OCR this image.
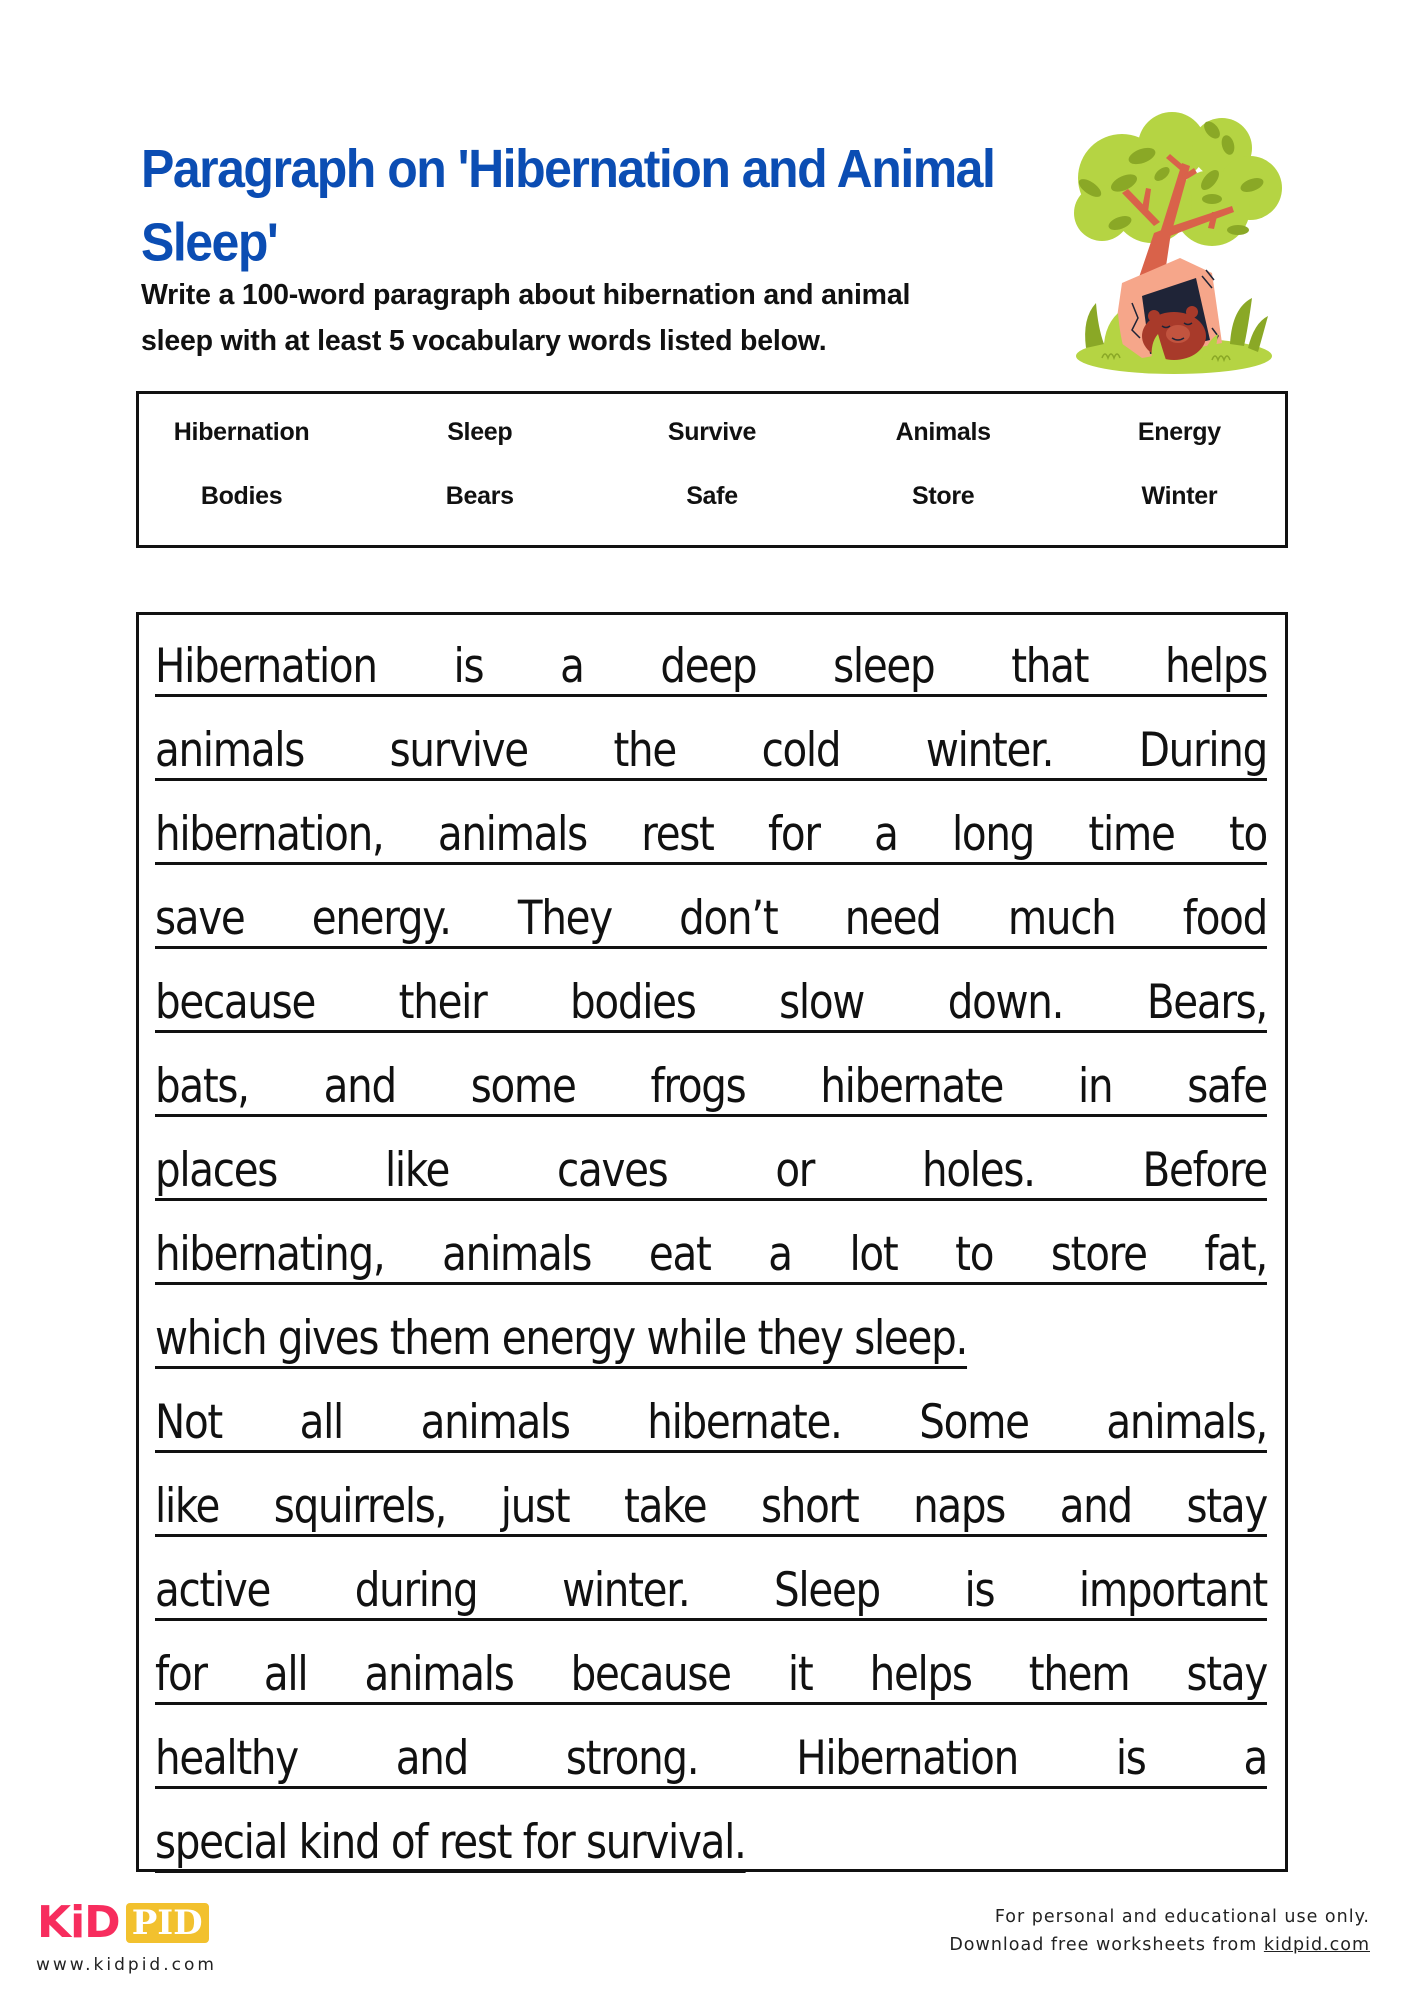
Paragraph on 'Hibernation and Animal
Sleep'

Write a 100-word paragraph about hibernation and animal
sleep with at least 5 vocabulary words listed below.

Hibernation	Sleep	Survive	Animals	Energy
Bodies	Bears	Safe	Store	Winter
Hibernation is a deep sleep that helps
animals survive the cold winter. During
hibernation, animals rest for a long time to
save energy. They don’t need much food
because their bodies slow down. Bears,
bats, and some frogs hibernate in safe
places like caves or holes. Before
hibernating, animals eat a lot to store fat,
which gives them energy while they sleep.
Not all animals hibernate. Some animals,
like squirrels, just take short naps and stay
active during winter. Sleep is important
for all animals because it helps them stay
healthy and strong. Hibernation is a
special kind of rest for survival.
KiD PID
www.kidpid.com
For personal and educational use only.
Download free worksheets from kidpid.com
